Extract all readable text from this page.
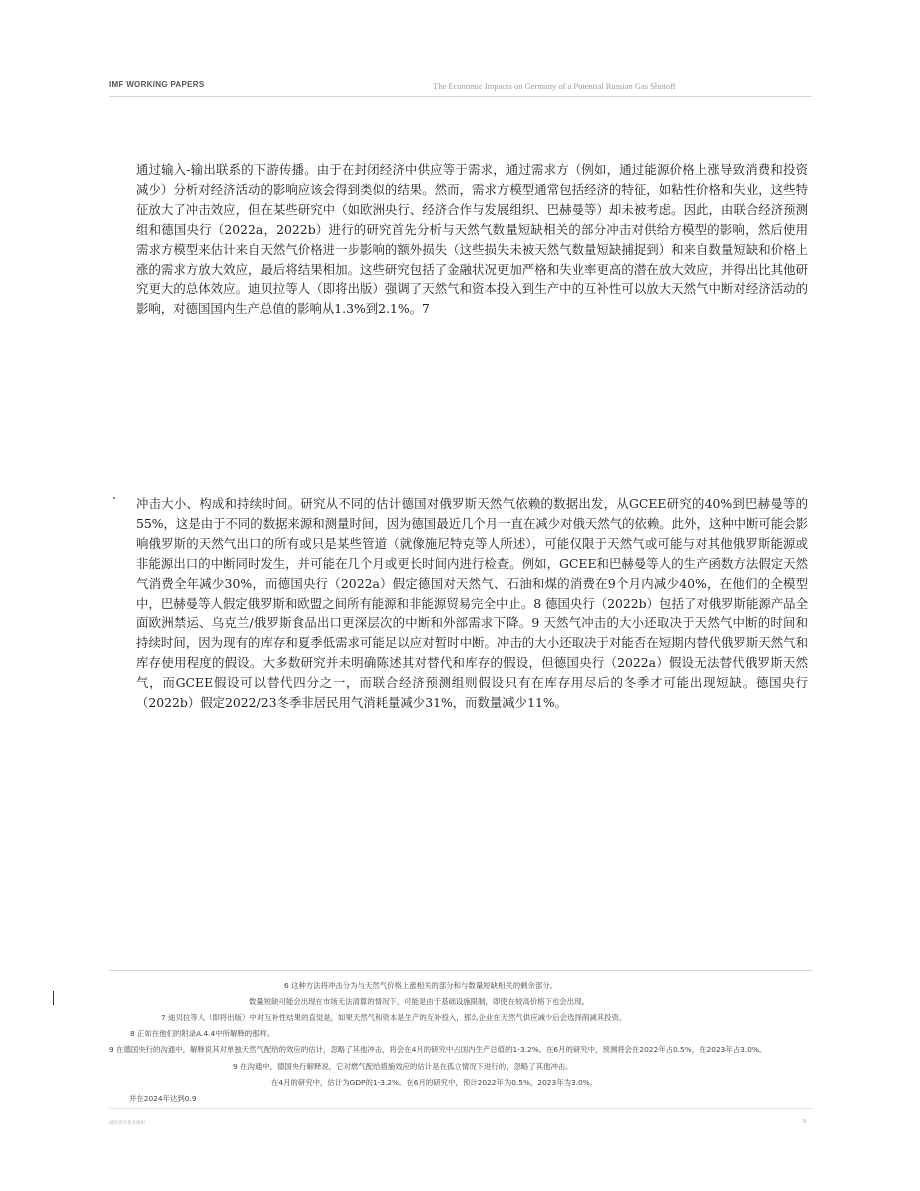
IMF WORKING PAPERS	The Economic Impacts on Germany of a Potential Russian Gas Shutoff

通过输入-输出联系的下游传播。由于在封闭经济中供应等于需求，通过需求方（例如，通过能源价格上涨导致消费和投资减少）分析对经济活动的影响应该会得到类似的结果。然而，需求方模型通常包括经济的特征，如粘性价格和失业，这些特征放大了冲击效应，但在某些研究中（如欧洲央行、经济合作与发展组织、巴赫曼等）却未被考虑。因此，由联合经济预测组和德国央行（2022a，2022b）进行的研究首先分析与天然气数量短缺相关的部分冲击对供给方模型的影响，然后使用需求方模型来估计来自天然气价格进一步影响的额外损失（这些损失未被天然气数量短缺捕捉到）和来自数量短缺和价格上涨的需求方放大效应，最后将结果相加。这些研究包括了金融状况更加严格和失业率更高的潜在放大效应，并得出比其他研究更大的总体效应。迪贝拉等人（即将出版）强调了天然气和资本投入到生产中的互补性可以放大天然气中断对经济活动的影响，对德国国内生产总值的影响从1.3%到2.1%。7

冲击大小、构成和持续时间。研究从不同的估计德国对俄罗斯天然气依赖的数据出发，从GCEE研究的40%到巴赫曼等的55%，这是由于不同的数据来源和测量时间，因为德国最近几个月一直在减少对俄天然气的依赖。此外，这种中断可能会影响俄罗斯的天然气出口的所有或只是某些管道（就像施尼特克等人所述），可能仅限于天然气或可能与对其他俄罗斯能源或非能源出口的中断同时发生，并可能在几个月或更长时间内进行检查。例如，GCEE和巴赫曼等人的生产函数方法假定天然气消费全年减少30%，而德国央行（2022a）假定德国对天然气、石油和煤的消费在9个月内减少40%，在他们的全模型中，巴赫曼等人假定俄罗斯和欧盟之间所有能源和非能源贸易完全中止。8 德国央行（2022b）包括了对俄罗斯能源产品全面欧洲禁运、乌克兰/俄罗斯食品出口更深层次的中断和外部需求下降。9 天然气冲击的大小还取决于天然气中断的时间和持续时间，因为现有的库存和夏季低需求可能足以应对暂时中断。冲击的大小还取决于对能否在短期内替代俄罗斯天然气和库存使用程度的假设。大多数研究并未明确陈述其对替代和库存的假设，但德国央行（2022a）假设无法替代俄罗斯天然气，而GCEE假设可以替代四分之一，而联合经济预测组则假设只有在库存用尽后的冬季才可能出现短缺。德国央行（2022b）假定2022/23冬季非居民用气消耗量减少31%，而数量减少11%。

6 这种方法将冲击分为与天然气价格上涨相关的部分和与数量短缺相关的剩余部分。

数量短缺可能会出现在市场无法清算的情况下，可能是由于基础设施限制，即使在较高价格下也会出现。

7 迪贝拉等人（即将出版）中对互补性结果的直觉是，如果天然气和资本是生产的互补投入，那么企业在天然气供应减少后会选择削减其投资。

8 正如在他们的附录A.4.4中所解释的那样。

9 在德国央行的沟通中，解释说其对单独天然气配给的效应的估计，忽略了其他冲击，将会在4月的研究中占国内生产总值的1-3.2%。在6月的研究中，预测将会在2022年占0.5%，在2023年占3.0%。

9 在沟通中，德国央行解释说，它对燃气配给措施效应的估计是在孤立情况下进行的，忽略了其他冲击。

在4月的研究中，估计为GDP的1-3.2%。在6月的研究中，预计2022年为0.5%，2023年为3.0%。

并在2024年达到0.9

国际货币基金组织	6
